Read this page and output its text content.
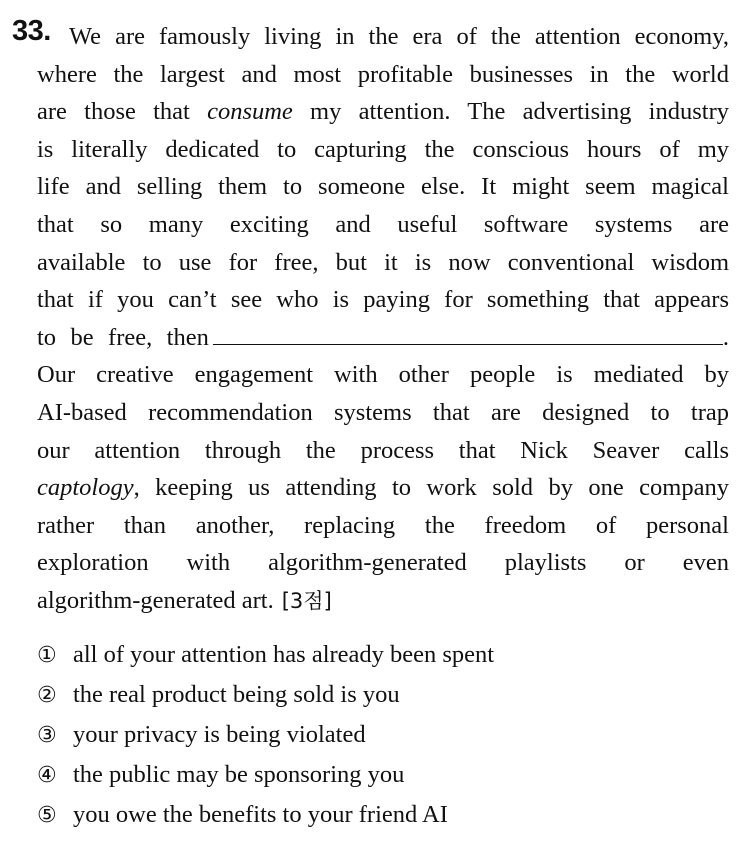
33. We are famously living in the era of the attention economy,
where the largest and most profitable businesses in the world
are those that consume my attention. The advertising industry
is literally dedicated to capturing the conscious hours of my
life and selling them to someone else. It might seem magical
that so many exciting and useful software systems are
available to use for free, but it is now conventional wisdom
that if you can’t see who is paying for something that appears
to be free, then	.
Our creative engagement with other people is mediated by
AI-based recommendation systems that are designed to trap
our attention through the process that Nick Seaver calls
captology, keeping us attending to work sold by one company
rather than another, replacing the freedom of personal
exploration with algorithm-generated playlists or even
algorithm-generated art. [3점]
① all of your attention has already been spent
② the real product being sold is you
③ your privacy is being violated
④ the public may be sponsoring you
⑤ you owe the benefits to your friend AI
